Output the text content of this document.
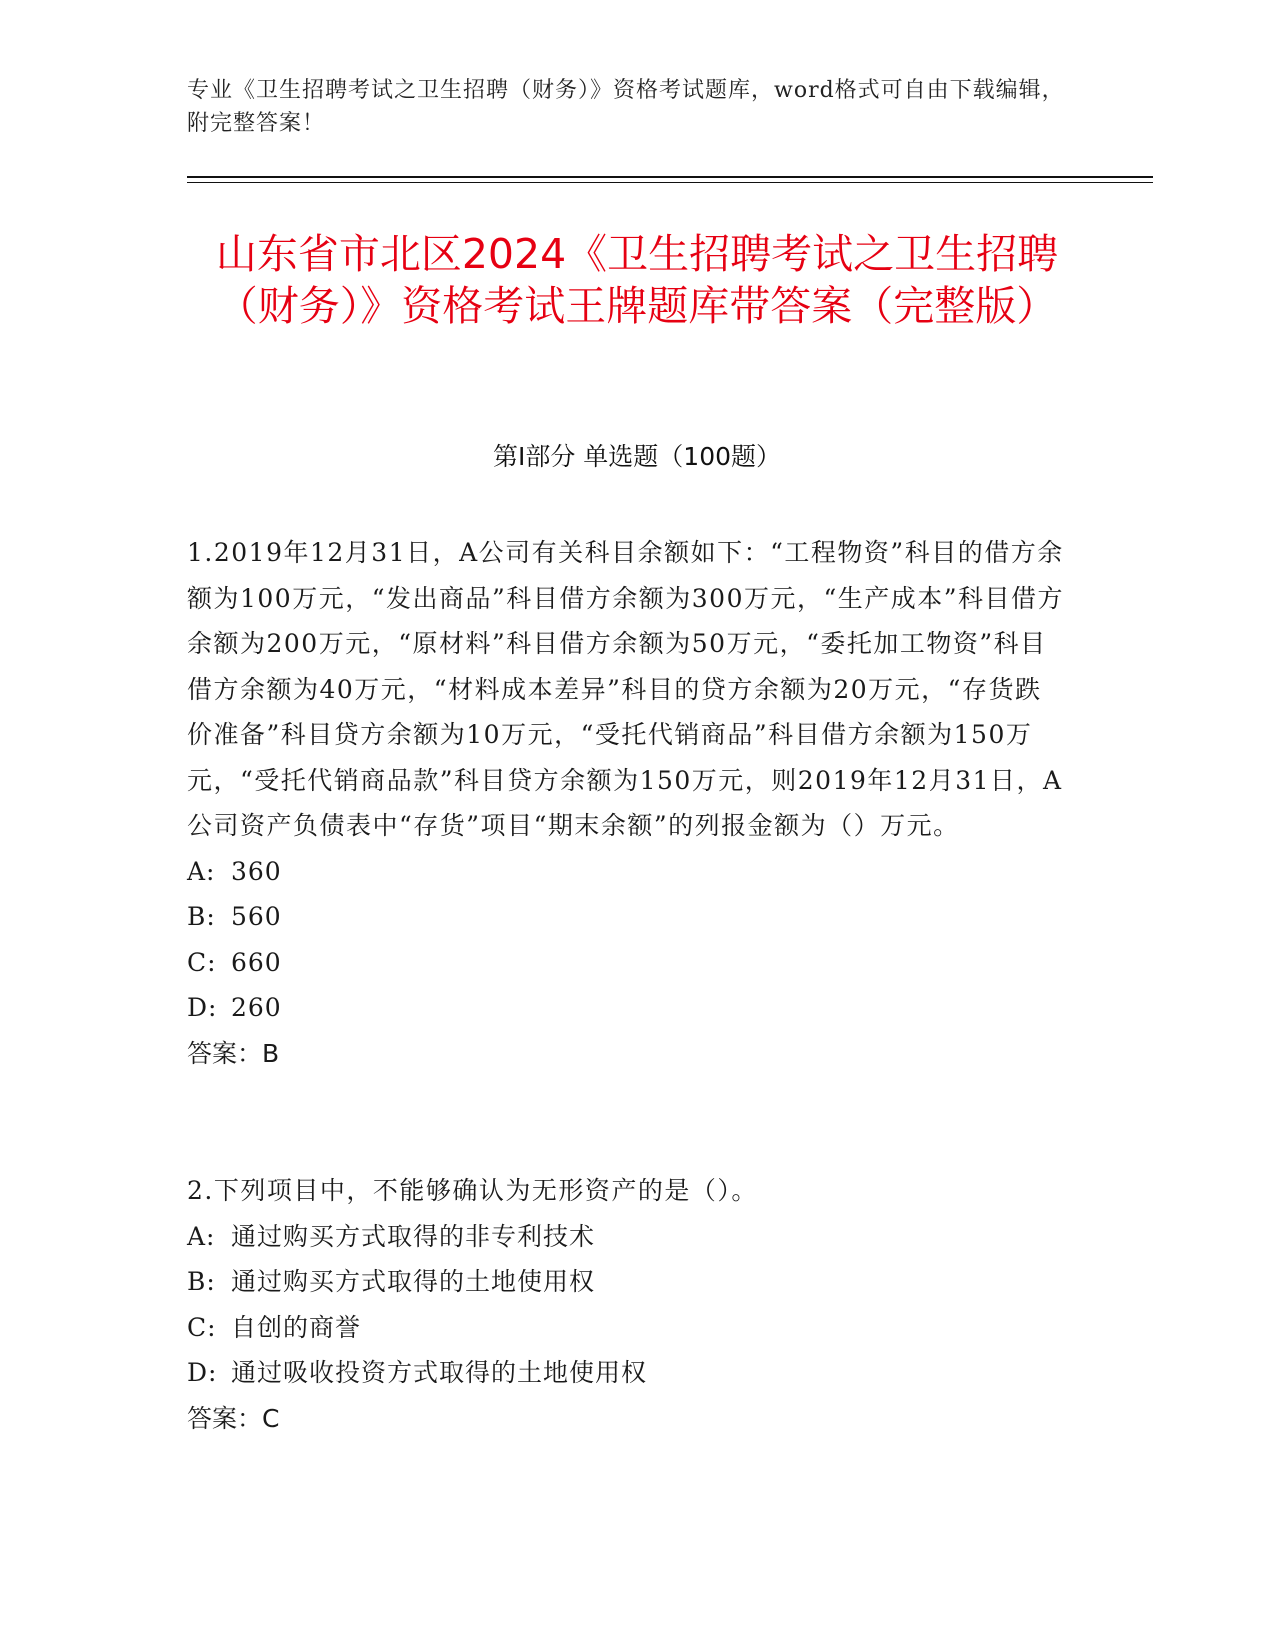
专业《卫生招聘考试之卫生招聘（财务）》资格考试题库，word格式可自由下载编辑，附完整答案！
山东省市北区2024《卫生招聘考试之卫生招聘（财务）》资格考试王牌题库带答案（完整版）
第Ⅰ部分 单选题（100题）

1.2019年12月31日，A公司有关科目余额如下：“工程物资”科目的借方余额为100万元，“发出商品”科目借方余额为300万元，“生产成本”科目借方余额为200万元，“原材料”科目借方余额为50万元，“委托加工物资”科目借方余额为40万元，“材料成本差异”科目的贷方余额为20万元，“存货跌价准备”科目贷方余额为10万元，“受托代销商品”科目借方余额为150万元，“受托代销商品款”科目贷方余额为150万元，则2019年12月31日，A公司资产负债表中“存货”项目“期末余额”的列报金额为（）万元。

A: 360

B: 560

C: 660

D: 260

答案：B

2.下列项目中，不能够确认为无形资产的是（）。

A: 通过购买方式取得的非专利技术

B: 通过购买方式取得的土地使用权

C: 自创的商誉

D: 通过吸收投资方式取得的土地使用权

答案：C
